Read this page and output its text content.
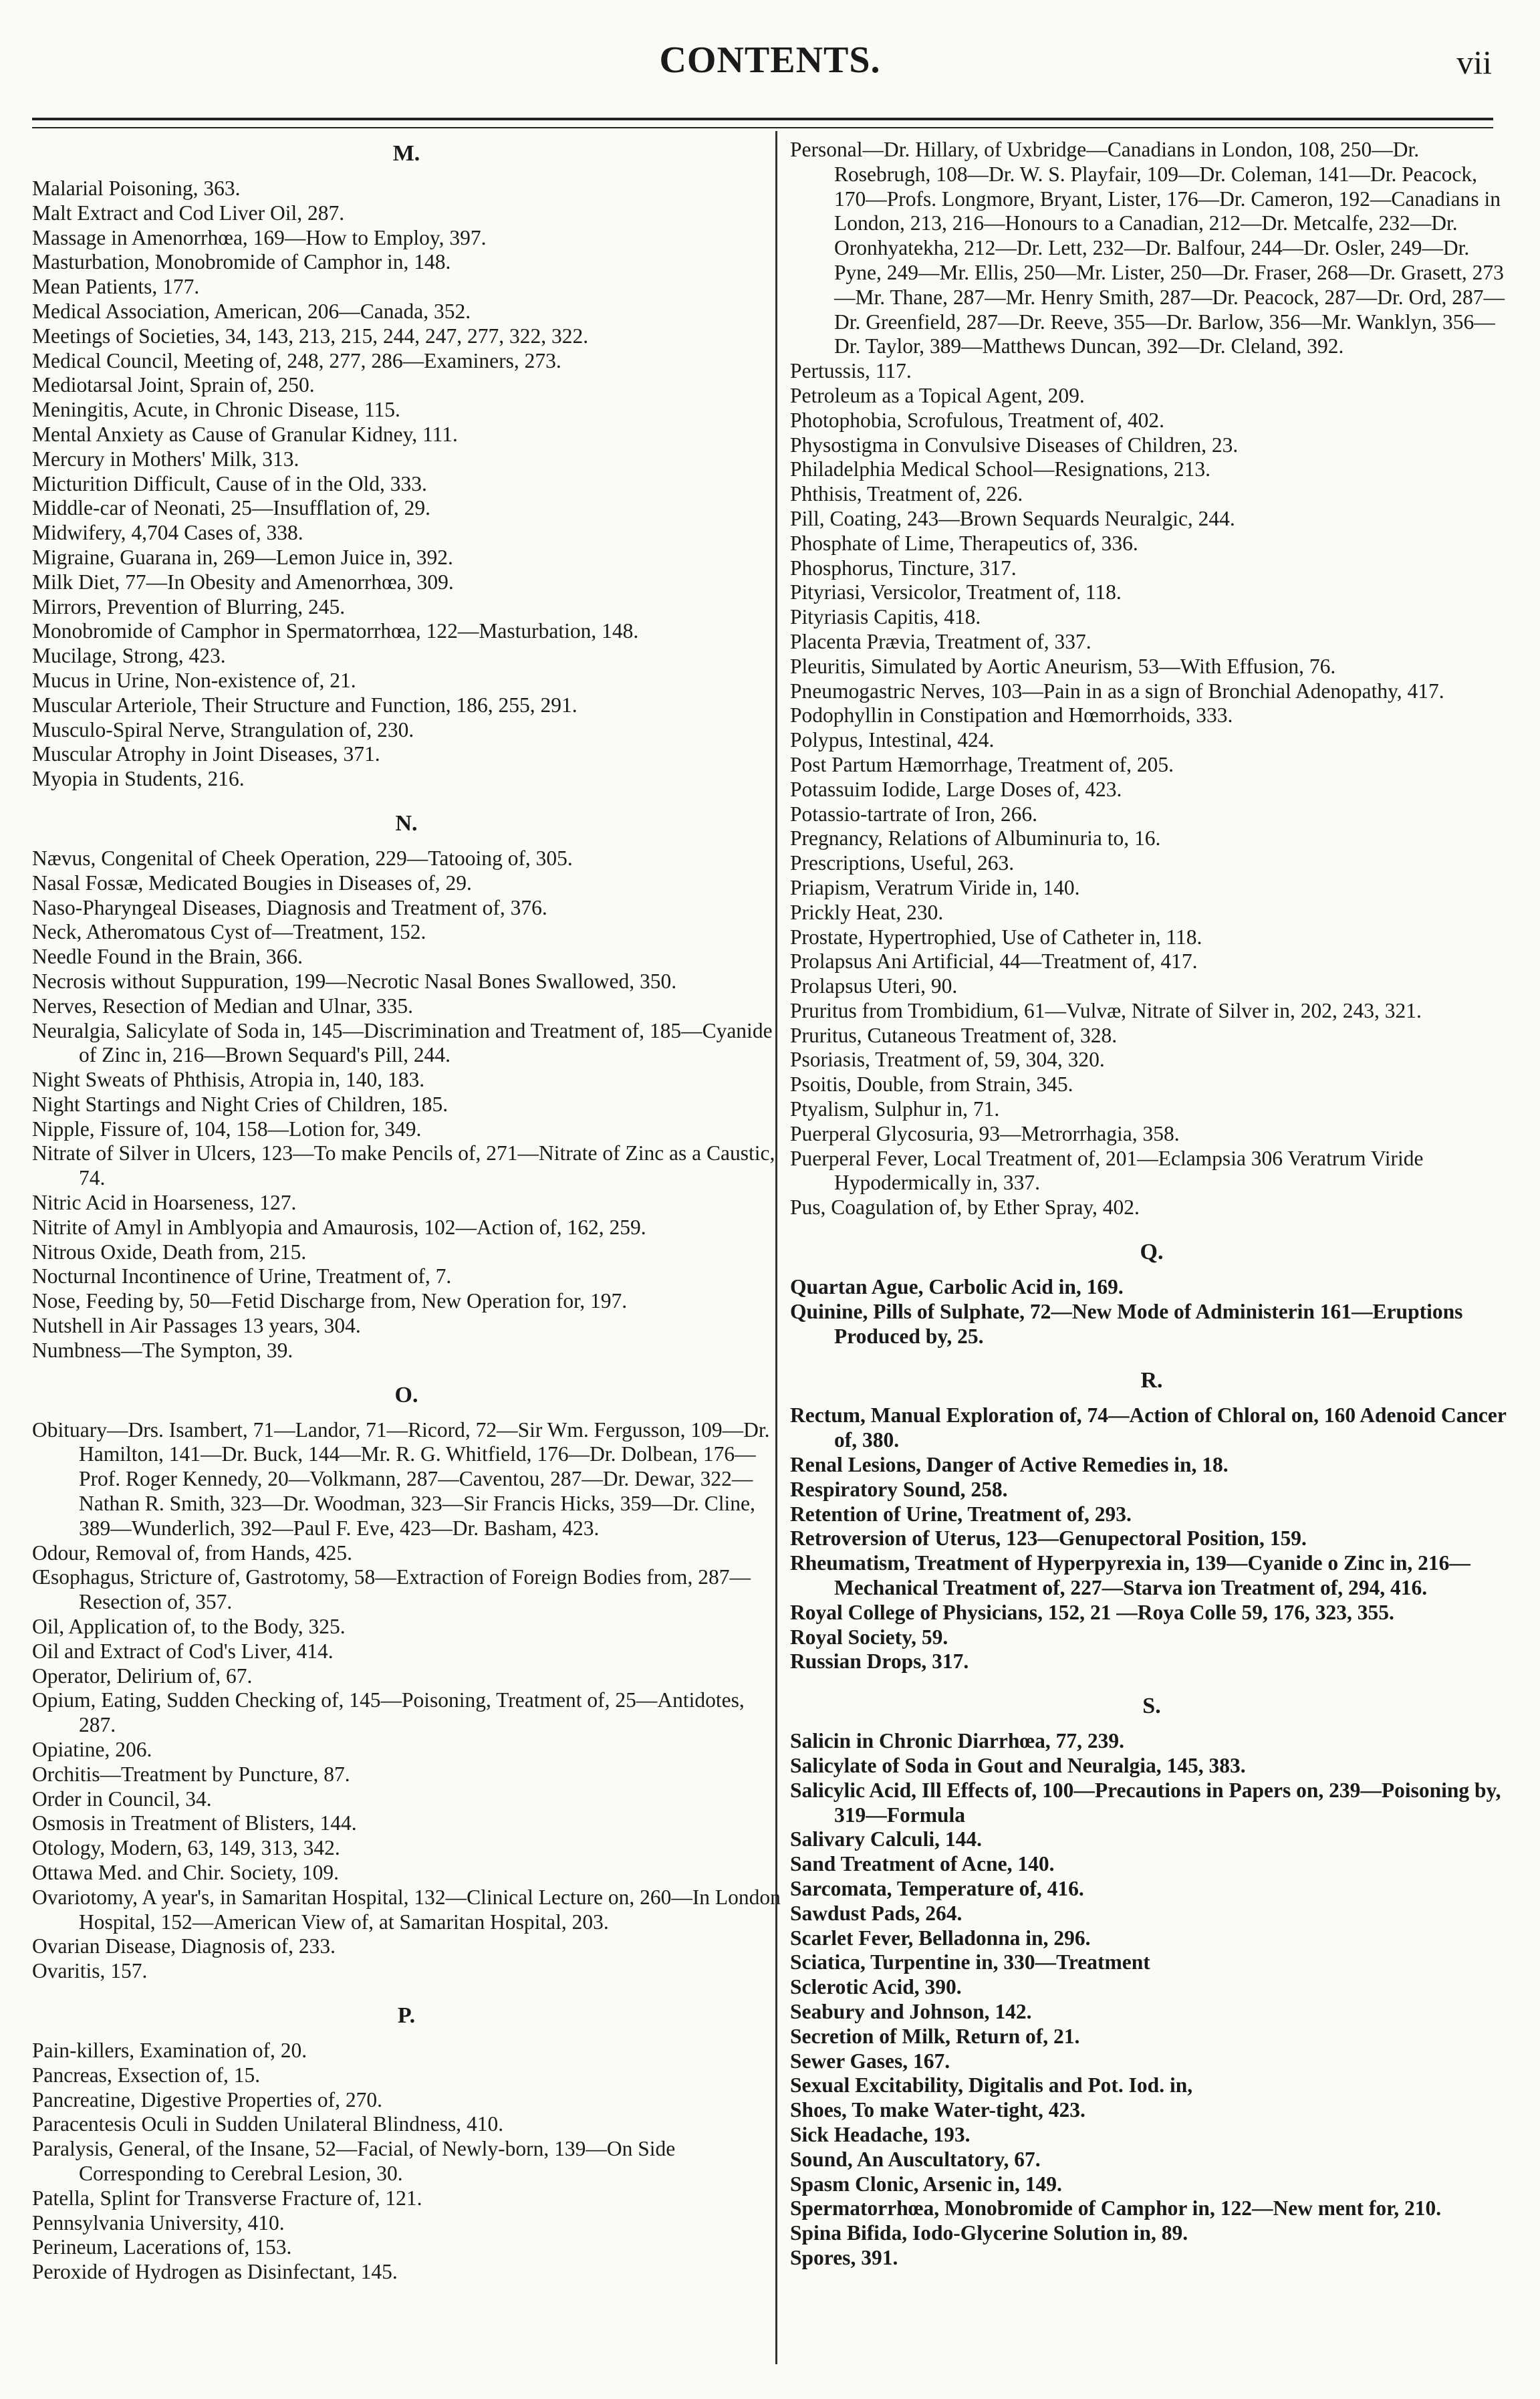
CONTENTS.	vii
M.
Malarial Poisoning, 363.
Malt Extract and Cod Liver Oil, 287.
Massage in Amenorrhœa, 169—How to Employ, 397.
Masturbation, Monobromide of Camphor in, 148.
Mean Patients, 177.
Medical Association, American, 206—Canada, 352.
Meetings of Societies, 34, 143, 213, 215, 244, 247, 277, 322, 322.
Medical Council, Meeting of, 248, 277, 286—Examiners, 273.
Mediotarsal Joint, Sprain of, 250.
Meningitis, Acute, in Chronic Disease, 115.
Mental Anxiety as Cause of Granular Kidney, 111.
Mercury in Mothers' Milk, 313.
Micturition Difficult, Cause of in the Old, 333.
Middle-car of Neonati, 25—Insufflation of, 29.
Midwifery, 4,704 Cases of, 338.
Migraine, Guarana in, 269—Lemon Juice in, 392.
Milk Diet, 77—In Obesity and Amenorrhœa, 309.
Mirrors, Prevention of Blurring, 245.
Monobromide of Camphor in Spermatorrhœa, 122—Masturbation, 148.
Mucilage, Strong, 423.
Mucus in Urine, Non-existence of, 21.
Muscular Arteriole, Their Structure and Function, 186, 255, 291.
Musculo-Spiral Nerve, Strangulation of, 230.
Muscular Atrophy in Joint Diseases, 371.
Myopia in Students, 216.
N.
Nævus, Congenital of Cheek Operation, 229—Tatooing of, 305.
Nasal Fossæ, Medicated Bougies in Diseases of, 29.
Naso-Pharyngeal Diseases, Diagnosis and Treatment of, 376.
Neck, Atheromatous Cyst of—Treatment, 152.
Needle Found in the Brain, 366.
Necrosis without Suppuration, 199—Necrotic Nasal Bones Swallowed, 350.
Nerves, Resection of Median and Ulnar, 335.
Neuralgia, Salicylate of Soda in, 145—Discrimination and Treatment of, 185—Cyanide of Zinc in, 216—Brown Sequard's Pill, 244.
Night Sweats of Phthisis, Atropia in, 140, 183.
Night Startings and Night Cries of Children, 185.
Nipple, Fissure of, 104, 158—Lotion for, 349.
Nitrate of Silver in Ulcers, 123—To make Pencils of, 271—Nitrate of Zinc as a Caustic, 74.
Nitric Acid in Hoarseness, 127.
Nitrite of Amyl in Amblyopia and Amaurosis, 102—Action of, 162, 259.
Nitrous Oxide, Death from, 215.
Nocturnal Incontinence of Urine, Treatment of, 7.
Nose, Feeding by, 50—Fetid Discharge from, New Operation for, 197.
Nutshell in Air Passages 13 years, 304.
Numbness—The Sympton, 39.
O.
Obituary—Drs. Isambert, 71—Landor, 71—Ricord, 72—Sir Wm. Fergusson, 109—Dr. Hamilton, 141—Dr. Buck, 144—Mr. R. G. Whitfield, 176—Dr. Dolbean, 176—Prof. Roger Kennedy, 20—Volkmann, 287—Caventou, 287—Dr. Dewar, 322—Nathan R. Smith, 323—Dr. Woodman, 323—Sir Francis Hicks, 359—Dr. Cline, 389—Wunderlich, 392—Paul F. Eve, 423—Dr. Basham, 423.
Odour, Removal of, from Hands, 425.
Œsophagus, Stricture of, Gastrotomy, 58—Extraction of Foreign Bodies from, 287—Resection of, 357.
Oil, Application of, to the Body, 325.
Oil and Extract of Cod's Liver, 414.
Operator, Delirium of, 67.
Opium, Eating, Sudden Checking of, 145—Poisoning, Treatment of, 25—Antidotes, 287.
Opiatine, 206.
Orchitis—Treatment by Puncture, 87.
Order in Council, 34.
Osmosis in Treatment of Blisters, 144.
Otology, Modern, 63, 149, 313, 342.
Ottawa Med. and Chir. Society, 109.
Ovariotomy, A year's, in Samaritan Hospital, 132—Clinical Lecture on, 260—In London Hospital, 152—American View of, at Samaritan Hospital, 203.
Ovarian Disease, Diagnosis of, 233.
Ovaritis, 157.
P.
Pain-killers, Examination of, 20.
Pancreas, Exsection of, 15.
Pancreatine, Digestive Properties of, 270.
Paracentesis Oculi in Sudden Unilateral Blindness, 410.
Paralysis, General, of the Insane, 52—Facial, of Newly-born, 139—On Side Corresponding to Cerebral Lesion, 30.
Patella, Splint for Transverse Fracture of, 121.
Pennsylvania University, 410.
Perineum, Lacerations of, 153.
Peroxide of Hydrogen as Disinfectant, 145.
Personal—Dr. Hillary, of Uxbridge—Canadians in London, 108, 250—Dr. Rosebrugh, 108—Dr. W. S. Playfair, 109—Dr. Coleman, 141—Dr. Peacock, 170—Profs. Longmore, Bryant, Lister, 176—Dr. Cameron, 192—Canadians in London, 213, 216—Honours to a Canadian, 212—Dr. Metcalfe, 232—Dr. Oronhyatekha, 212—Dr. Lett, 232—Dr. Balfour, 244—Dr. Osler, 249—Dr. Pyne, 249—Mr. Ellis, 250—Mr. Lister, 250—Dr. Fraser, 268—Dr. Grasett, 273—Mr. Thane, 287—Mr. Henry Smith, 287—Dr. Peacock, 287—Dr. Ord, 287—Dr. Greenfield, 287—Dr. Reeve, 355—Dr. Barlow, 356—Mr. Wanklyn, 356—Dr. Taylor, 389—Matthews Duncan, 392—Dr. Cleland, 392.
Pertussis, 117.
Petroleum as a Topical Agent, 209.
Photophobia, Scrofulous, Treatment of, 402.
Physostigma in Convulsive Diseases of Children, 23.
Philadelphia Medical School—Resignations, 213.
Phthisis, Treatment of, 226.
Pill, Coating, 243—Brown Sequards Neuralgic, 244.
Phosphate of Lime, Therapeutics of, 336.
Phosphorus, Tincture, 317.
Pityriasi, Versicolor, Treatment of, 118.
Pityriasis Capitis, 418.
Placenta Prævia, Treatment of, 337.
Pleuritis, Simulated by Aortic Aneurism, 53—With Effusion, 76.
Pneumogastric Nerves, 103—Pain in as a sign of Bronchial Adenopathy, 417.
Podophyllin in Constipation and Hœmorrhoids, 333.
Polypus, Intestinal, 424.
Post Partum Hæmorrhage, Treatment of, 205.
Potassuim Iodide, Large Doses of, 423.
Potassio-tartrate of Iron, 266.
Pregnancy, Relations of Albuminuria to, 16.
Prescriptions, Useful, 263.
Priapism, Veratrum Viride in, 140.
Prickly Heat, 230.
Prostate, Hypertrophied, Use of Catheter in, 118.
Prolapsus Ani Artificial, 44—Treatment of, 417.
Prolapsus Uteri, 90.
Pruritus from Trombidium, 61—Vulvæ, Nitrate of Silver in, 202, 243, 321.
Pruritus, Cutaneous Treatment of, 328.
Psoriasis, Treatment of, 59, 304, 320.
Psoitis, Double, from Strain, 345.
Ptyalism, Sulphur in, 71.
Puerperal Glycosuria, 93—Metrorrhagia, 358.
Puerperal Fever, Local Treatment of, 201—Eclampsia 306 Veratrum Viride Hypodermically in, 337.
Pus, Coagulation of, by Ether Spray, 402.
Q.
Quartan Ague, Carbolic Acid in, 169.
Quinine, Pills of Sulphate, 72—New Mode of Administerin 161—Eruptions Produced by, 25.
R.
Rectum, Manual Exploration of, 74—Action of Chloral on, 160 Adenoid Cancer of, 380.
Renal Lesions, Danger of Active Remedies in, 18.
Respiratory Sound, 258.
Retention of Urine, Treatment of, 293.
Retroversion of Uterus, 123—Genupectoral Position, 159.
Rheumatism, Treatment of Hyperpyrexia in, 139—Cyanide o Zinc in, 216—Mechanical Treatment of, 227—Starva ion Treatment of, 294, 416.
Royal College of Physicians, 152, 21 —Roya Colle 59, 176, 323, 355.
Royal Society, 59.
Russian Drops, 317.
S.
Salicin in Chronic Diarrhœa, 77, 239.
Salicylate of Soda in Gout and Neuralgia, 145, 383.
Salicylic Acid, Ill Effects of, 100—Precautions in Papers on, 239—Poisoning by, 319—Formula
Salivary Calculi, 144.
Sand Treatment of Acne, 140.
Sarcomata, Temperature of, 416.
Sawdust Pads, 264.
Scarlet Fever, Belladonna in, 296.
Sciatica, Turpentine in, 330—Treatment
Sclerotic Acid, 390.
Seabury and Johnson, 142.
Secretion of Milk, Return of, 21.
Sewer Gases, 167.
Sexual Excitability, Digitalis and Pot. Iod. in,
Shoes, To make Water-tight, 423.
Sick Headache, 193.
Sound, An Auscultatory, 67.
Spasm Clonic, Arsenic in, 149.
Spermatorrhœa, Monobromide of Camphor in, 122—New ment for, 210.
Spina Bifida, Iodo-Glycerine Solution in, 89.
Spores, 391.
